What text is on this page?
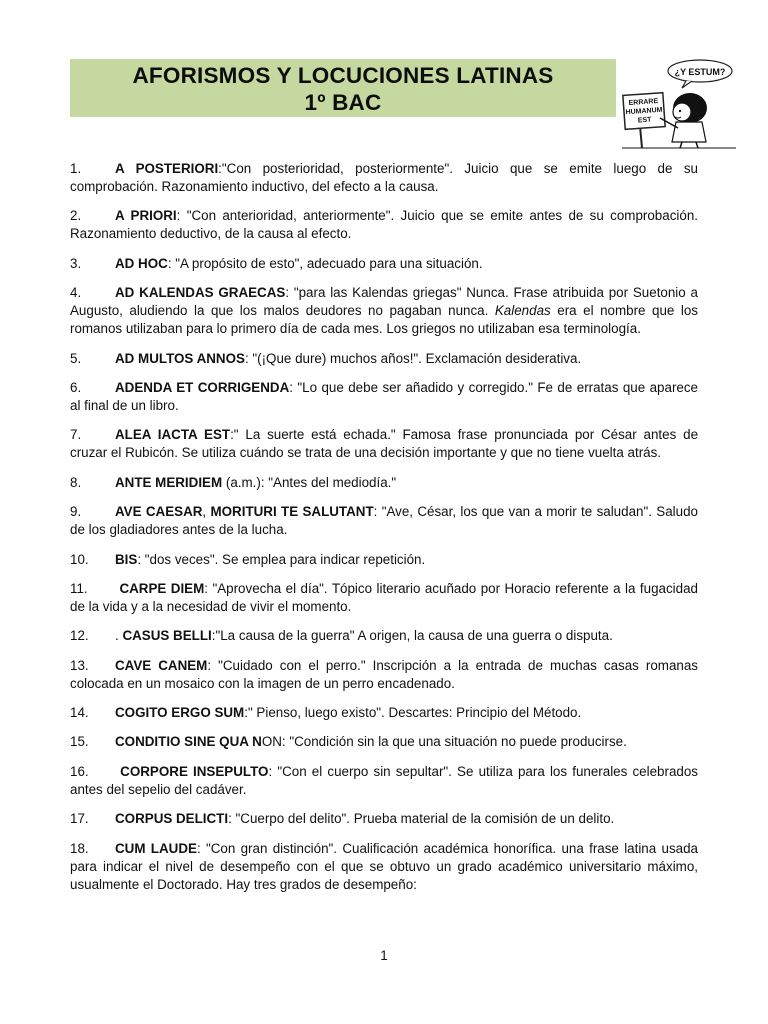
AFORISMOS Y LOCUCIONES LATINAS
1º BAC
¿Y ESTUM?
ERRARE
HUMANUM
EST

1.	A POSTERIORI:"Con posterioridad, posteriormente". Juicio que se emite luego de su comprobación. Razonamiento inductivo, del efecto a la causa.

2.	A PRIORI: "Con anterioridad, anteriormente". Juicio que se emite antes de su comprobación. Razonamiento deductivo, de la causa al efecto.

3.	AD HOC: "A propósito de esto", adecuado para una situación.

4.	AD KALENDAS GRAECAS: "para las Kalendas griegas" Nunca. Frase atribuida por Suetonio a Augusto, aludiendo la que los malos deudores no pagaban nunca. Kalendas era el nombre que los romanos utilizaban para lo primero día de cada mes. Los griegos no utilizaban esa terminología.

5.	AD MULTOS ANNOS: "(¡Que dure) muchos años!". Exclamación desiderativa.

6.	ADENDA ET CORRIGENDA: "Lo que debe ser añadido y corregido." Fe de erratas que aparece al final de un libro.

7.	ALEA IACTA EST:" La suerte está echada." Famosa frase pronunciada por César antes de cruzar el Rubicón. Se utiliza cuándo se trata de una decisión importante y que no tiene vuelta atrás.

8.	ANTE MERIDIEM (a.m.): "Antes del mediodía."

9.	AVE CAESAR, MORITURI TE SALUTANT: "Ave, César, los que van a morir te saludan". Saludo de los gladiadores antes de la lucha.

10. BIS: "dos veces". Se emplea para indicar repetición.

11. CARPE DIEM: "Aprovecha el día". Tópico literario acuñado por Horacio referente a la fugacidad de la vida y a la necesidad de vivir el momento.

12. . CASUS BELLI:"La causa de la guerra" A origen, la causa de una guerra o disputa.

13. CAVE CANEM: "Cuidado con el perro." Inscripción a la entrada de muchas casas romanas colocada en un mosaico con la imagen de un perro encadenado.

14. COGITO ERGO SUM:" Pienso, luego existo". Descartes: Principio del Método.

15. CONDITIO SINE QUA NON: "Condición sin la que una situación no puede producirse.

16. CORPORE INSEPULTO: "Con el cuerpo sin sepultar". Se utiliza para los funerales celebrados antes del sepelio del cadáver.

17. CORPUS DELICTI: "Cuerpo del delito". Prueba material de la comisión de un delito.

18. CUM LAUDE: "Con gran distinción". Cualificación académica honorífica. una frase latina usada para indicar el nivel de desempeño con el que se obtuvo un grado académico universitario máximo, usualmente el Doctorado. Hay tres grados de desempeño:

1
